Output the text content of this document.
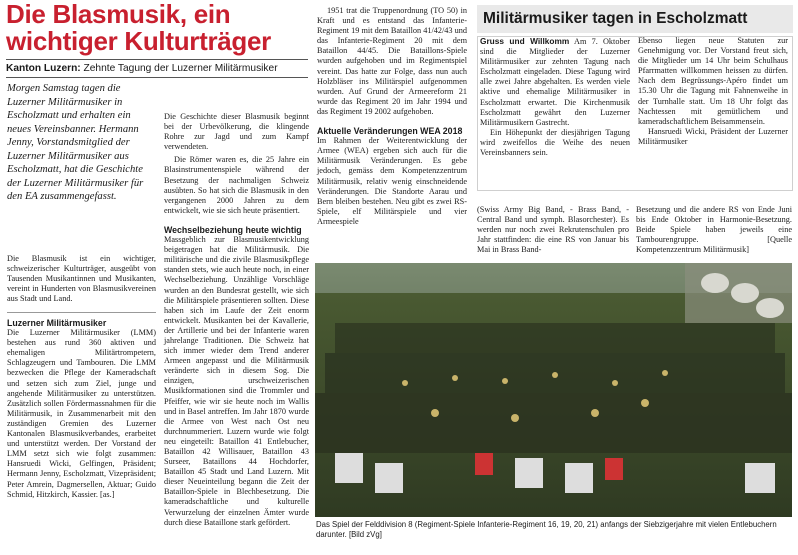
Die Blasmusik, ein wichtiger Kulturträger
Kanton Luzern: Zehnte Tagung der Luzerner Militärmusiker
Morgen Samstag tagen die Luzerner Militärmusiker in Escholzmatt und erhalten ein neues Vereinsbanner. Hermann Jenny, Vorstandsmitglied der Luzerner Militärmusiker aus Escholzmatt, hat die Geschichte der Luzerner Militärmusiker für den EA zusammengefasst.

Die Blasmusik ist ein wichtiger, schweizerischer Kulturträger, ausgeübt von Tausenden Musikantinnen und Musikanten, vereint in Hunderten von Blasmusikvereinen aus Stadt und Land.

Luzerner Militärmusiker

Die Luzerner Militärmusiker (LMM) bestehen aus rund 360 aktiven und ehemaligen Militärtrompetern, Schlagzeugern und Tambouren. Die LMM bezwecken die Pflege der Kameradschaft und setzen sich zum Ziel, junge und angehende Militärmusiker zu unterstützen. Zusätzlich sollen Fördermassnahmen für die Militärmusik, in Zusammenarbeit mit den zuständigen Gremien des Luzerner Kantonalen Blasmusikverbandes, erarbeitet und unterstützt werden. Der Vorstand der LMM setzt sich wie folgt zusammen: Hansruedi Wicki, Gelfingen, Präsident; Hermann Jenny, Escholzmatt, Vizepräsident; Peter Amrein, Dagmersellen, Aktuar; Guido Schmid, Hitzkirch, Kassier. [as.]

Die Geschichte dieser Blasmusik beginnt bei der Urbevölkerung, die klingende Rohre zur Jagd und zum Kampf verwendeten.

Die Römer waren es, die 25 Jahre ein Blasinstrumentenspiele während der Besetzung der nachmaligen Schweiz ausübten. So hat sich die Blasmusik in den vergangenen 2000 Jahren zu dem entwickelt, wie sie sich heute präsentiert.

Wechselbeziehung heute wichtig

Massgeblich zur Blasmusikentwicklung beigetragen hat die Militärmusik. Die militärische und die zivile Blasmusikpflege standen stets, wie auch heute noch, in einer Wechselbeziehung. Unzählige Vorschläge wurden an den Bundesrat gestellt, wie sich die Militärspiele präsentieren sollten. Diese haben sich im Laufe der Zeit enorm entwickelt. Musikanten bei der Kavallerie, der Artillerie und bei der Infanterie waren jahrelange Traditionen. Die Schweiz hat sich immer wieder dem Trend anderer Armeen angepasst und die Militärmusik veränderte sich in diesem Sog. Die einzigen, urschweizerischen Musikformationen sind die Trommler und Pfeiffer, wie wir sie heute noch im Wallis und in Basel antreffen. Im Jahr 1870 wurde die Armee von West nach Ost neu durchnummeriert. Luzern wurde wie folgt neu eingeteilt: Bataillon 41 Entlebucher, Bataillon 42 Willisauer, Bataillon 43 Surseer, Bataillons 44 Hochdorfer, Bataillon 45 Stadt und Land Luzern. Mit dieser Neueinteilung begann die Zeit der Bataillon-Spiele in Blechbesetzung. Die kameradschaftliche und kulturelle Verwurzelung der einzelnen Ämter wurde durch diese Bataillone stark gefördert.

1951 trat die Truppenordnung (TO 50) in Kraft und es entstand das Infanterie-Regiment 19 mit dem Bataillon 41/42/43 und das Infanterie-Regiment 20 mit dem Bataillon 44/45. Die Bataillons-Spiele wurden aufgehoben und im Regimentspiel vereint. Das hatte zur Folge, dass nun auch Holzbläser ins Militärspiel aufgenommen wurden. Auf Grund der Armeereform 21 wurde das Regiment 20 im Jahr 1994 und das Regiment 19 2002 aufgehoben.

Aktuelle Veränderungen WEA 2018

Im Rahmen der Weiterentwicklung der Armee (WEA) ergeben sich auch für die Militärmusik Veränderungen. Es gebe jedoch, gemäss dem Kompetenzzentrum Militärmusik, relativ wenig einschneidende Veränderungen. Die Standorte Aarau und Bern bleiben bestehen. Neu gibt es zwei RS-Spiele, elf Militärspiele und vier Armeespiele

Militärmusiker tagen in Escholzmatt

Gruss und Willkomm Am 7. Oktober sind die Mitglieder der Luzerner Militärmusiker zur zehnten Tagung nach Escholzmatt eingeladen. Diese Tagung wird alle zwei Jahre abgehalten. Es werden viele aktive und ehemalige Militärmusiker in Escholzmatt erwartet. Die Kirchenmusik Escholzmatt gewährt den Luzerner Militärmusikern Gastrecht.

Ein Höhepunkt der diesjährigen Tagung wird zweifellos die Weihe des neuen Vereinsbanners sein.

Ebenso liegen neue Statuten zur Genehmigung vor. Der Vorstand freut sich, die Mitglieder um 14 Uhr beim Schulhaus Pfarrmatten willkommen heissen zu dürfen. Nach dem Begrüssungs-Apéro findet um 15.30 Uhr die Tagung mit Fahnenweihe in der Turnhalle statt. Um 18 Uhr folgt das Nachtessen mit gemütlichem und kameradschaftlichem Beisammensein.

Hansruedi Wicki, Präsident der Luzerner Militärmusiker

(Swiss Army Big Band, - Brass Band, - Central Band und symph. Blasorchester). Es werden nur noch zwei Rekrutenschulen pro Jahr stattfinden: die eine RS von Januar bis Mai in Brass Band-

Besetzung und die andere RS von Ende Juni bis Ende Oktober in Harmonie-Besetzung. Beide Spiele haben jeweils eine Tambourengruppe. [Quelle Kompetenzzentrum Militärmusik]

Das Spiel der Felddivision 8 (Regiment-Spiele Infanterie-Regiment 16, 19, 20, 21) anfangs der Siebzigerjahre mit vielen Entlebuchern darunter. [Bild zVg]
